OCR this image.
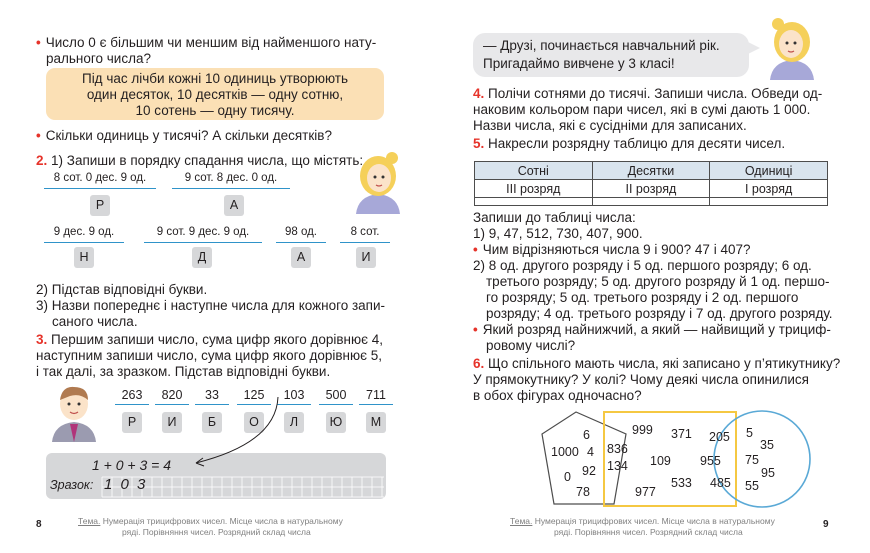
• Число 0 є більшим чи меншим від найменшого нату-
рального числа?
Під час лічби кожні 10 одиниць утворюють
один десяток, 10 десятків — одну сотню,
10 сотень — одну тисячу.
• Скільки одиниць у тисячі? А скільки десятків?
2. 1) Запиши в порядку спадання числа, що містять:
8 сот. 0 дес. 9 од.
Р
9 сот. 8 дес. 0 од.
А
9 дес. 9 од.
Н
9 сот. 9 дес. 9 од.
Д
98 од.
А
8 сот.
И
2) Підстав відповідні букви.
3) Назви попереднє і наступне числа для кожного запи-
сaного числа.
3. Першим запиши число, сума цифр якого дорівнює 4,
наступним запиши число, сума цифр якого дорівнює 5,
і так далі, за зразком. Підстав відповідні букви.
263
Р
820
И
33
Б
125
О
103
Л
500
Ю
711
М
1 + 0 + 3 = 4
Зразок: 1 0 3
8	Тема. Нумерація трицифрових чисел. Місце числа в натуральному
ряді. Порівняння чисел. Розрядний склад числа
— Друзі, починається навчальний рік.
Пригадаймо вивчене у 3 класі!
4. Полічи сотнями до тисячі. Запиши числа. Обведи од-
наковим кольором пари чисел, які в сумі дають 1 000.
Назви числа, які є сусідніми для записаних.
5. Накресли розрядну таблицю для десяти чисел.
Сотні	Десятки	Одиниці
III розряд	II розряд	I розряд

Запиши до таблиці числа:
1) 9, 47, 512, 730, 407, 900.
• Чим відрізняються числа 9 і 900? 47 і 407?
2) 8 од. другого розряду і 5 од. першого розряду; 6 од.
третього розряду; 5 од. другого розряду й 1 од. першо-
го розряду; 5 од. третього розряду і 2 од. першого
розряду; 4 од. третього розряду і 7 од. другого розряду.
• Який розряд найнижчий, а який — найвищий у трициф-
ровому числі?
6. Що спільного мають числа, які записано у п’ятикутнику?
У прямокутнику? У колі? Чому деякі числа опинилися
в обох фігурах одночасно?
6
1000 4
92
0
78
836
134
999 371
109
977
533
205
955
485
5
35
75
95
55
Тема. Нумерація трицифрових чисел. Місце числа в натуральному
ряді. Порівняння чисел. Розрядний склад числа
9
